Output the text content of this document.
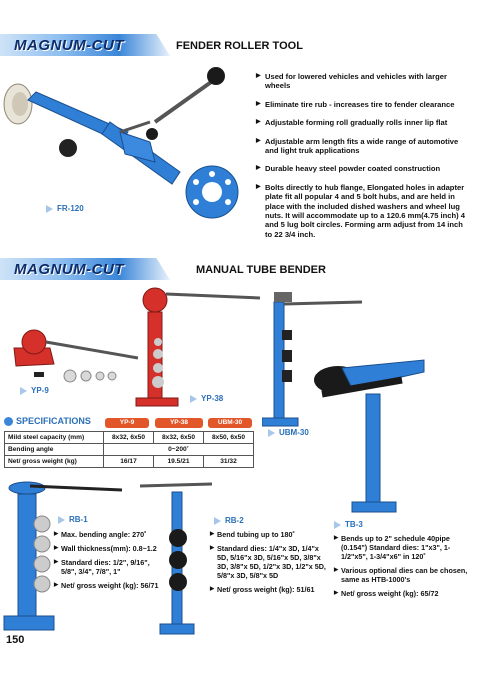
MAGNUM-CUT	FENDER ROLLER TOOL
FR-120
▶ Used for lowered vehicles and vehicles with larger wheels
▶ Eliminate tire rub - increases tire to fender clearance
▶ Adjustable forming roll gradually rolls inner lip flat
▶ Adjustable arm length fits a wide range of automotive and light truk applications
▶ Durable heavy steel powder coated construction
▶ Bolts directly to hub flange, Elongated holes in adapter plate fit all popular 4 and 5 bolt hubs, and are held in place with the included dished washers and wheel lug nuts. It will accommodate up to a 120.6 mm(4.75 inch) 4 and 5 lug bolt circles. Forming arm adjust from 14 inch to 22 3/4 inch.
MAGNUM-CUT	MANUAL TUBE BENDER
YP-9
YP-38
UBM-30
SPECIFICATIONS	YP-9	YP-38	UBM-30
Mild steel capacity (mm)	8x32, 6x50	8x32, 6x50	8x50, 6x50
Bending angle	0~200˚		
Net/ gross weight (kg)	16/17	19.5/21	31/32
RB-1
▶ Max. bending angle: 270˚
▶ Wall thickness(mm): 0.8~1.2
▶ Standard dies: 1/2", 9/16", 5/8", 3/4", 7/8", 1"
▶ Net/ gross weight (kg): 56/71
RB-2
▶ Bend tubing up to 180˚
▶ Standard dies: 1/4"x 3D, 1/4"x 5D, 5/16"x 3D, 5/16"x 5D, 3/8"x 3D, 3/8"x 5D, 1/2"x 3D, 1/2"x 5D, 5/8"x 3D, 5/8"x 5D
▶ Net/ gross weight (kg): 51/61
TB-3
▶ Bends up to 2" schedule 40pipe (0.154") Standard dies: 1"x3", 1-1/2"x5", 1-3/4"x6" in 120˚
▶ Various optional dies can be chosen, same as HTB-1000's
▶ Net/ gross weight (kg): 65/72
150
